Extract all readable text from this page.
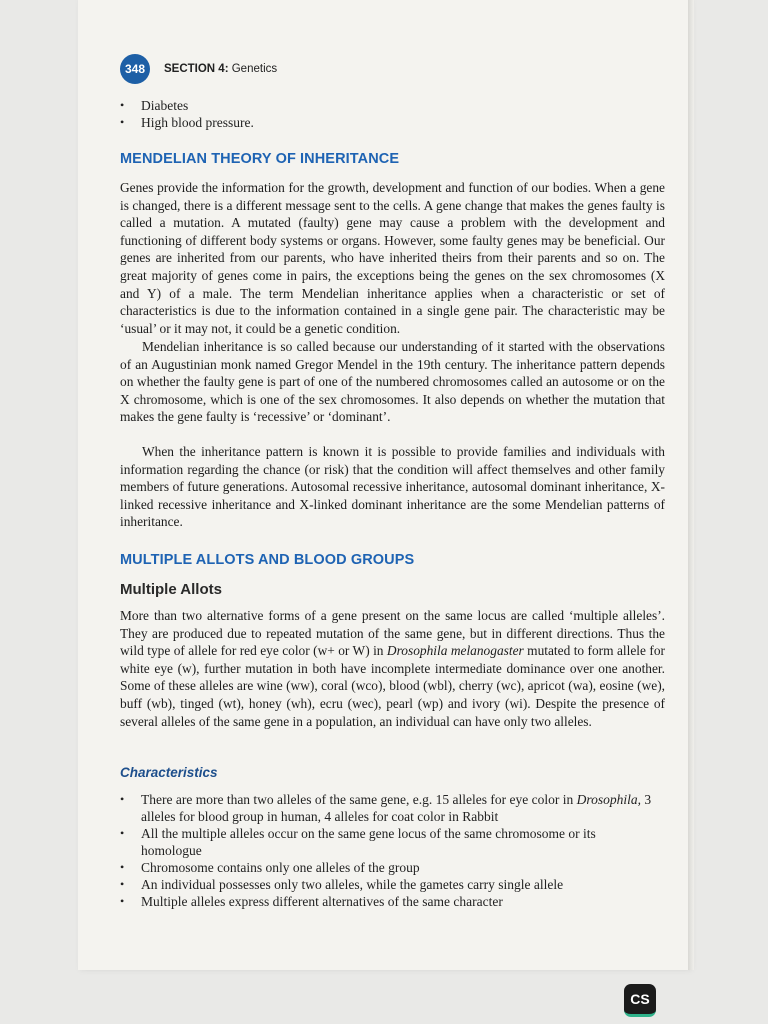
348	SECTION 4: Genetics
• Diabetes
• High blood pressure.
MENDELIAN THEORY OF INHERITANCE

Genes provide the information for the growth, development and function of our bodies. When a gene is changed, there is a different message sent to the cells. A gene change that makes the genes faulty is called a mutation. A mutated (faulty) gene may cause a problem with the development and functioning of different body systems or organs. However, some faulty genes may be beneficial. Our genes are inherited from our parents, who have inherited theirs from their parents and so on. The great majority of genes come in pairs, the exceptions being the genes on the sex chromosomes (X and Y) of a male. The term Mendelian inheritance applies when a characteristic or set of characteristics is due to the information contained in a single gene pair. The characteristic may be ‘usual’ or it may not, it could be a genetic condition.

Mendelian inheritance is so called because our understanding of it started with the observations of an Augustinian monk named Gregor Mendel in the 19th century. The inheritance pattern depends on whether the faulty gene is part of one of the numbered chromosomes called an autosome or on the X chromosome, which is one of the sex chromosomes. It also depends on whether the mutation that makes the gene faulty is ‘recessive’ or ‘dominant’.

When the inheritance pattern is known it is possible to provide families and individuals with information regarding the chance (or risk) that the condition will affect themselves and other family members of future generations. Autosomal recessive inheritance, autosomal dominant inheritance, X-linked recessive inheritance and X-linked dominant inheritance are the some Mendelian patterns of inheritance.

MULTIPLE ALLOTS AND BLOOD GROUPS
Multiple Allots

More than two alternative forms of a gene present on the same locus are called ‘multiple alleles’. They are produced due to repeated mutation of the same gene, but in different directions. Thus the wild type of allele for red eye color (w+ or W) in Drosophila melanogaster mutated to form allele for white eye (w), further mutation in both have incomplete intermediate dominance over one another. Some of these alleles are wine (ww), coral (wco), blood (wbl), cherry (wc), apricot (wa), eosine (we), buff (wb), tinged (wt), honey (wh), ecru (wec), pearl (wp) and ivory (wi). Despite the presence of several alleles of the same gene in a population, an individual can have only two alleles.

Characteristics
• There are more than two alleles of the same gene, e.g. 15 alleles for eye color in Drosophila, 3 alleles for blood group in human, 4 alleles for coat color in Rabbit
• All the multiple alleles occur on the same gene locus of the same chromosome or its homologue
• Chromosome contains only one alleles of the group
• An individual possesses only two alleles, while the gametes carry single allele
• Multiple alleles express different alternatives of the same character
CS
